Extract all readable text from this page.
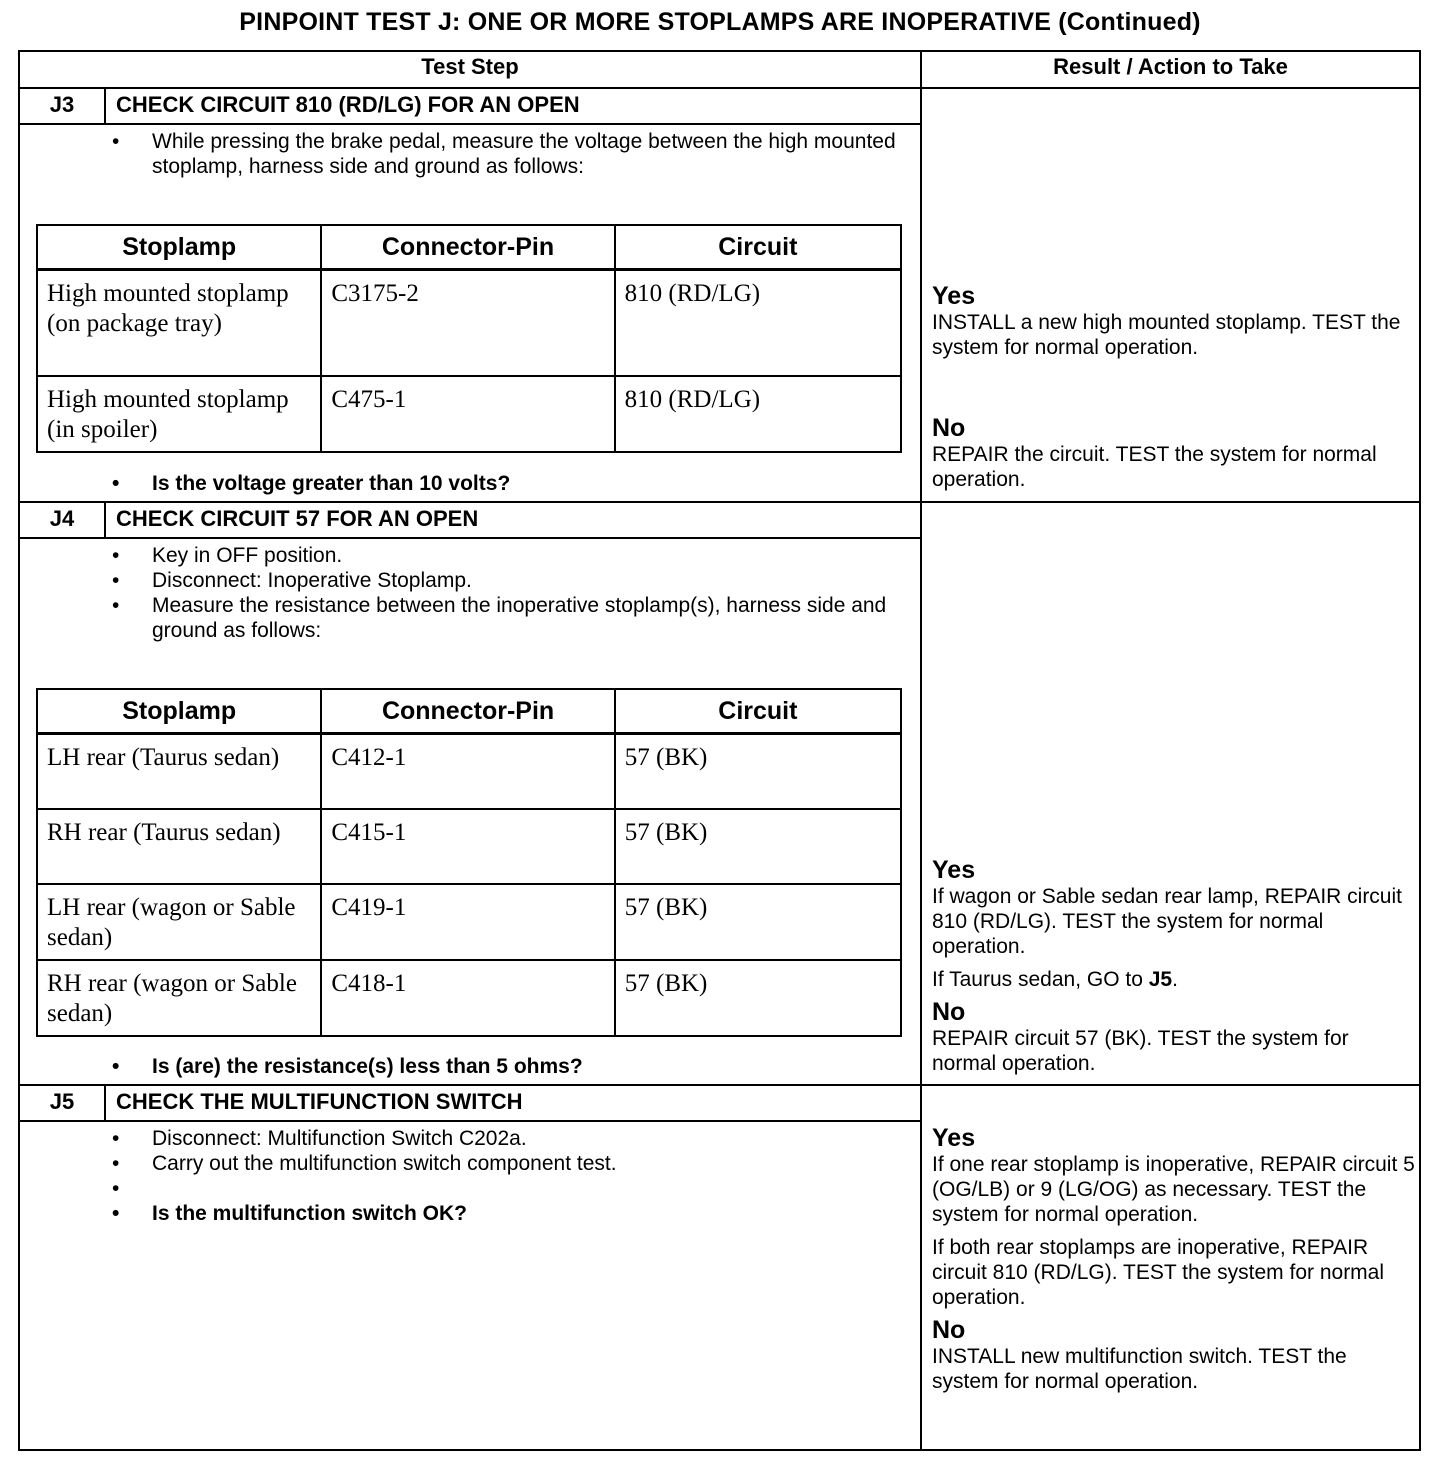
PINPOINT TEST J: ONE OR MORE STOPLAMPS ARE INOPERATIVE (Continued)
Test Step	Result / Action to Take
J3	CHECK CIRCUIT 810 (RD/LG) FOR AN OPEN
• While pressing the brake pedal, measure the voltage between the high mounted stoplamp, harness side and ground as follows:
Stoplamp	Connector-Pin	Circuit
High mounted stoplamp (on package tray)	C3175-2	810 (RD/LG)
High mounted stoplamp (in spoiler)	C475-1	810 (RD/LG)
• Is the voltage greater than 10 volts?
Yes

INSTALL a new high mounted stoplamp. TEST the system for normal operation.

No

REPAIR the circuit. TEST the system for normal operation.

J4	CHECK CIRCUIT 57 FOR AN OPEN
• Key in OFF position.
• Disconnect: Inoperative Stoplamp.
• Measure the resistance between the inoperative stoplamp(s), harness side and ground as follows:
Stoplamp	Connector-Pin	Circuit
LH rear (Taurus sedan)	C412-1	57 (BK)
RH rear (Taurus sedan)	C415-1	57 (BK)
LH rear (wagon or Sable sedan)	C419-1	57 (BK)
RH rear (wagon or Sable sedan)	C418-1	57 (BK)
• Is (are) the resistance(s) less than 5 ohms?
Yes

If wagon or Sable sedan rear lamp, REPAIR circuit 810 (RD/LG). TEST the system for normal operation.

If Taurus sedan, GO to J5.

No

REPAIR circuit 57 (BK). TEST the system for normal operation.

J5	CHECK THE MULTIFUNCTION SWITCH
• Disconnect: Multifunction Switch C202a.
• Carry out the multifunction switch component test.
•
• Is the multifunction switch OK?
Yes

If one rear stoplamp is inoperative, REPAIR circuit 5 (OG/LB) or 9 (LG/OG) as necessary. TEST the system for normal operation.

If both rear stoplamps are inoperative, REPAIR circuit 810 (RD/LG). TEST the system for normal operation.

No

INSTALL new multifunction switch. TEST the system for normal operation.
